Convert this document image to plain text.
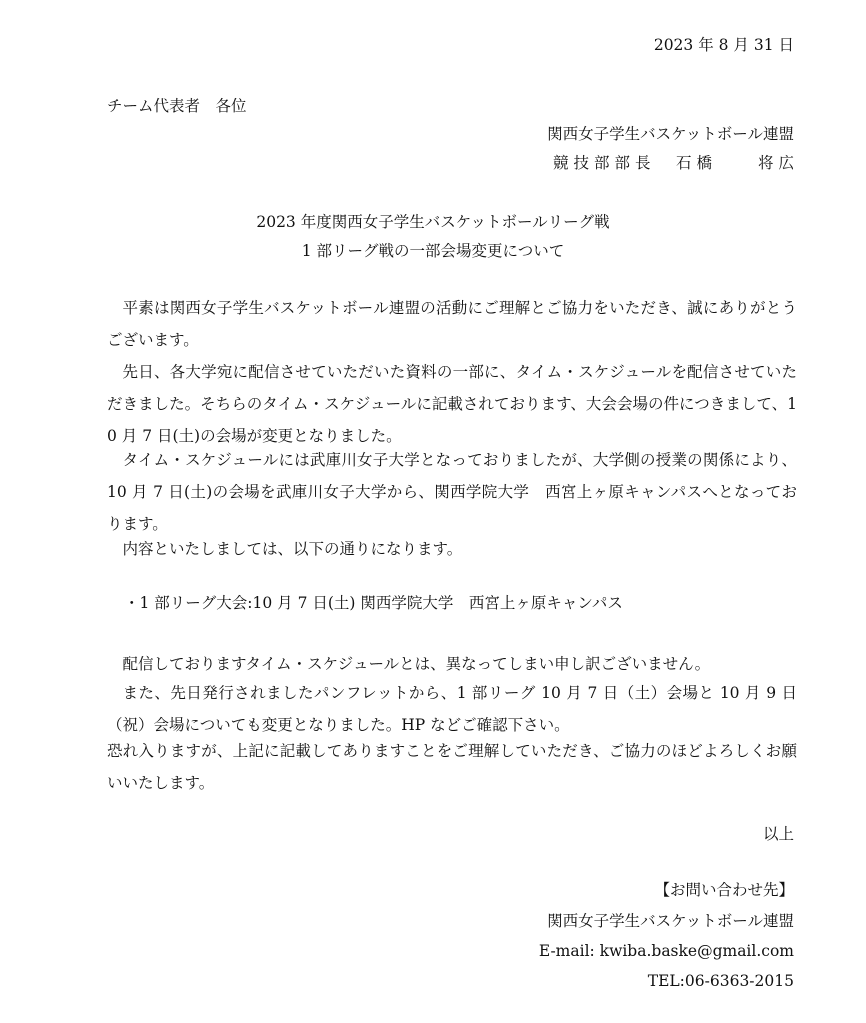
2023 年 8 月 31 日
チーム代表者　各位
関西女子学生バスケットボール連盟
競技部部長　石橋　　将広
2023 年度関西女子学生バスケットボールリーグ戦
1 部リーグ戦の一部会場変更について
平素は関西女子学生バスケットボール連盟の活動にご理解とご協力をいただき、誠にありがとうございます。
先日、各大学宛に配信させていただいた資料の一部に、タイム・スケジュールを配信させていただきました。そちらのタイム・スケジュールに記載されております、大会会場の件につきまして、10 月 7 日(土)の会場が変更となりました。
タイム・スケジュールには武庫川女子大学となっておりましたが、大学側の授業の関係により、10 月 7 日(土)の会場を武庫川女子大学から、関西学院大学　西宮上ヶ原キャンパスへとなっております。
内容といたしましては、以下の通りになります。
・1 部リーグ大会:10 月 7 日(土) 関西学院大学　西宮上ヶ原キャンパス
配信しておりますタイム・スケジュールとは、異なってしまい申し訳ございません。
また、先日発行されましたパンフレットから、1 部リーグ 10 月 7 日（土）会場と 10 月 9 日（祝）会場についても変更となりました。HP などご確認下さい。
恐れ入りますが、上記に記載してありますことをご理解していただき、ご協力のほどよろしくお願いいたします。
以上
【お問い合わせ先】
関西女子学生バスケットボール連盟
E-mail: kwiba.baske@gmail.com
TEL:06-6363-2015
